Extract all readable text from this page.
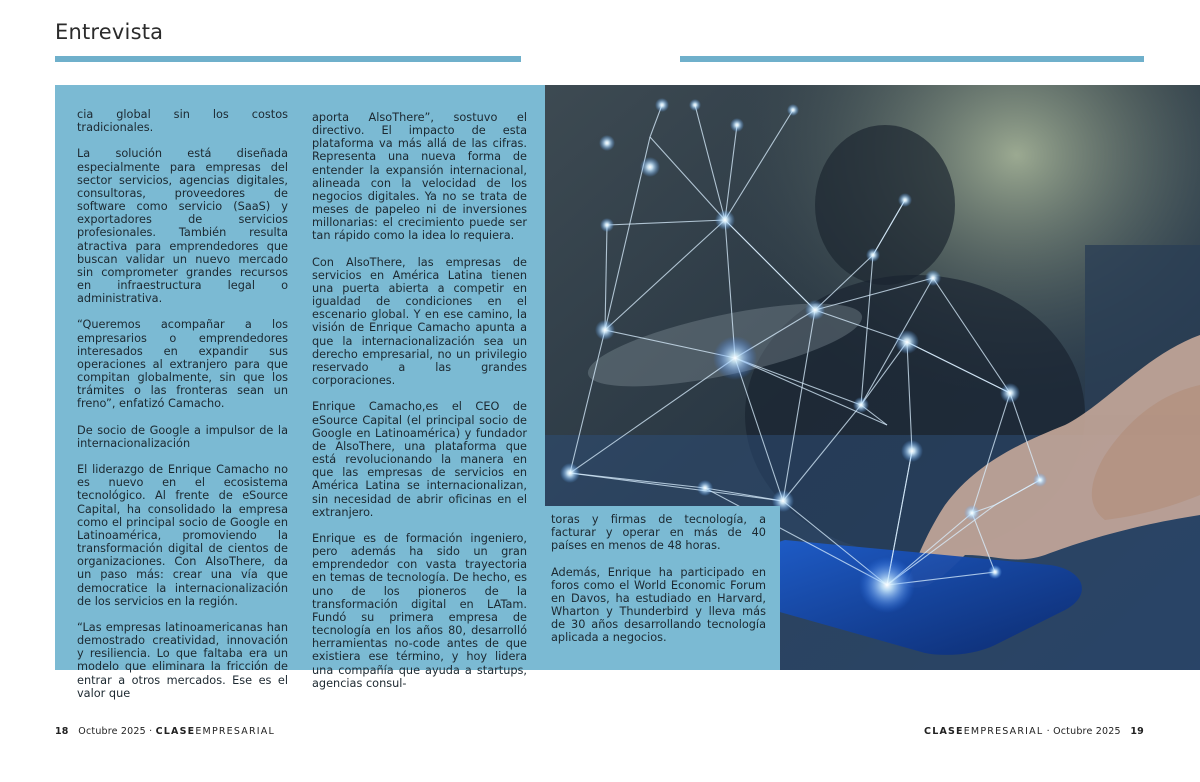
Entrevista

cia global sin los costos tradicionales.

La solución está diseñada especialmente para empresas del sector servicios, agencias digitales, consultoras, proveedores de software como servicio (SaaS) y exportadores de servicios profesionales. También resulta atractiva para emprendedores que buscan validar un nuevo mercado sin comprometer grandes recursos en infraestructura legal o administrativa.

“Queremos acompañar a los empresarios o emprendedores interesados en expandir sus operaciones al extranjero para que compitan globalmente, sin que los trámites o las fronteras sean un freno”, enfatizó Camacho.

De socio de Google a impulsor de la internacionalización

El liderazgo de Enrique Camacho no es nuevo en el ecosistema tecnológico. Al frente de eSource Capital, ha consolidado la empresa como el principal socio de Google en Latinoamérica, promoviendo la transformación digital de cientos de organizaciones. Con AlsoThere, da un paso más: crear una vía que democratice la internacionalización de los servicios en la región.

“Las empresas latinoamericanas han demostrado creatividad, innovación y resiliencia. Lo que faltaba era un modelo que eliminara la fricción de entrar a otros mercados. Ese es el valor que

aporta AlsoThere”, sostuvo el directivo. El impacto de esta plataforma va más allá de las cifras. Representa una nueva forma de entender la expansión internacional, alineada con la velocidad de los negocios digitales. Ya no se trata de meses de papeleo ni de inversiones millonarias: el crecimiento puede ser tan rápido como la idea lo requiera.

Con AlsoThere, las empresas de servicios en América Latina tienen una puerta abierta a competir en igualdad de condiciones en el escenario global. Y en ese camino, la visión de Enrique Camacho apunta a que la internacionalización sea un derecho empresarial, no un privilegio reservado a las grandes corporaciones.

Enrique Camacho,es el CEO de eSource Capital (el principal socio de Google en Latinoamérica) y fundador de AlsoThere, una plataforma que está revolucionando la manera en que las empresas de servicios en América Latina se internacionalizan, sin necesidad de abrir oficinas en el extranjero.

Enrique es de formación ingeniero, pero además ha sido un gran emprendedor con vasta trayectoria en temas de tecnología. De hecho, es uno de los pioneros de la transformación digital en LATam. Fundó su primera empresa de tecnología en los años 80, desarrolló herramientas no-code antes de que existiera ese término, y hoy lidera una compañía que ayuda a startups, agencias consul-

toras y firmas de tecnología, a facturar y operar en más de 40 países en menos de 48 horas.

Además, Enrique ha participado en foros como el World Economic Forum en Davos, ha estudiado en Harvard, Wharton y Thunderbird y lleva más de 30 años desarrollando tecnología aplicada a negocios.

18 Octubre 2025 · CLASEEMPRESARIAL	CLASEEMPRESARIAL · Octubre 2025 19
